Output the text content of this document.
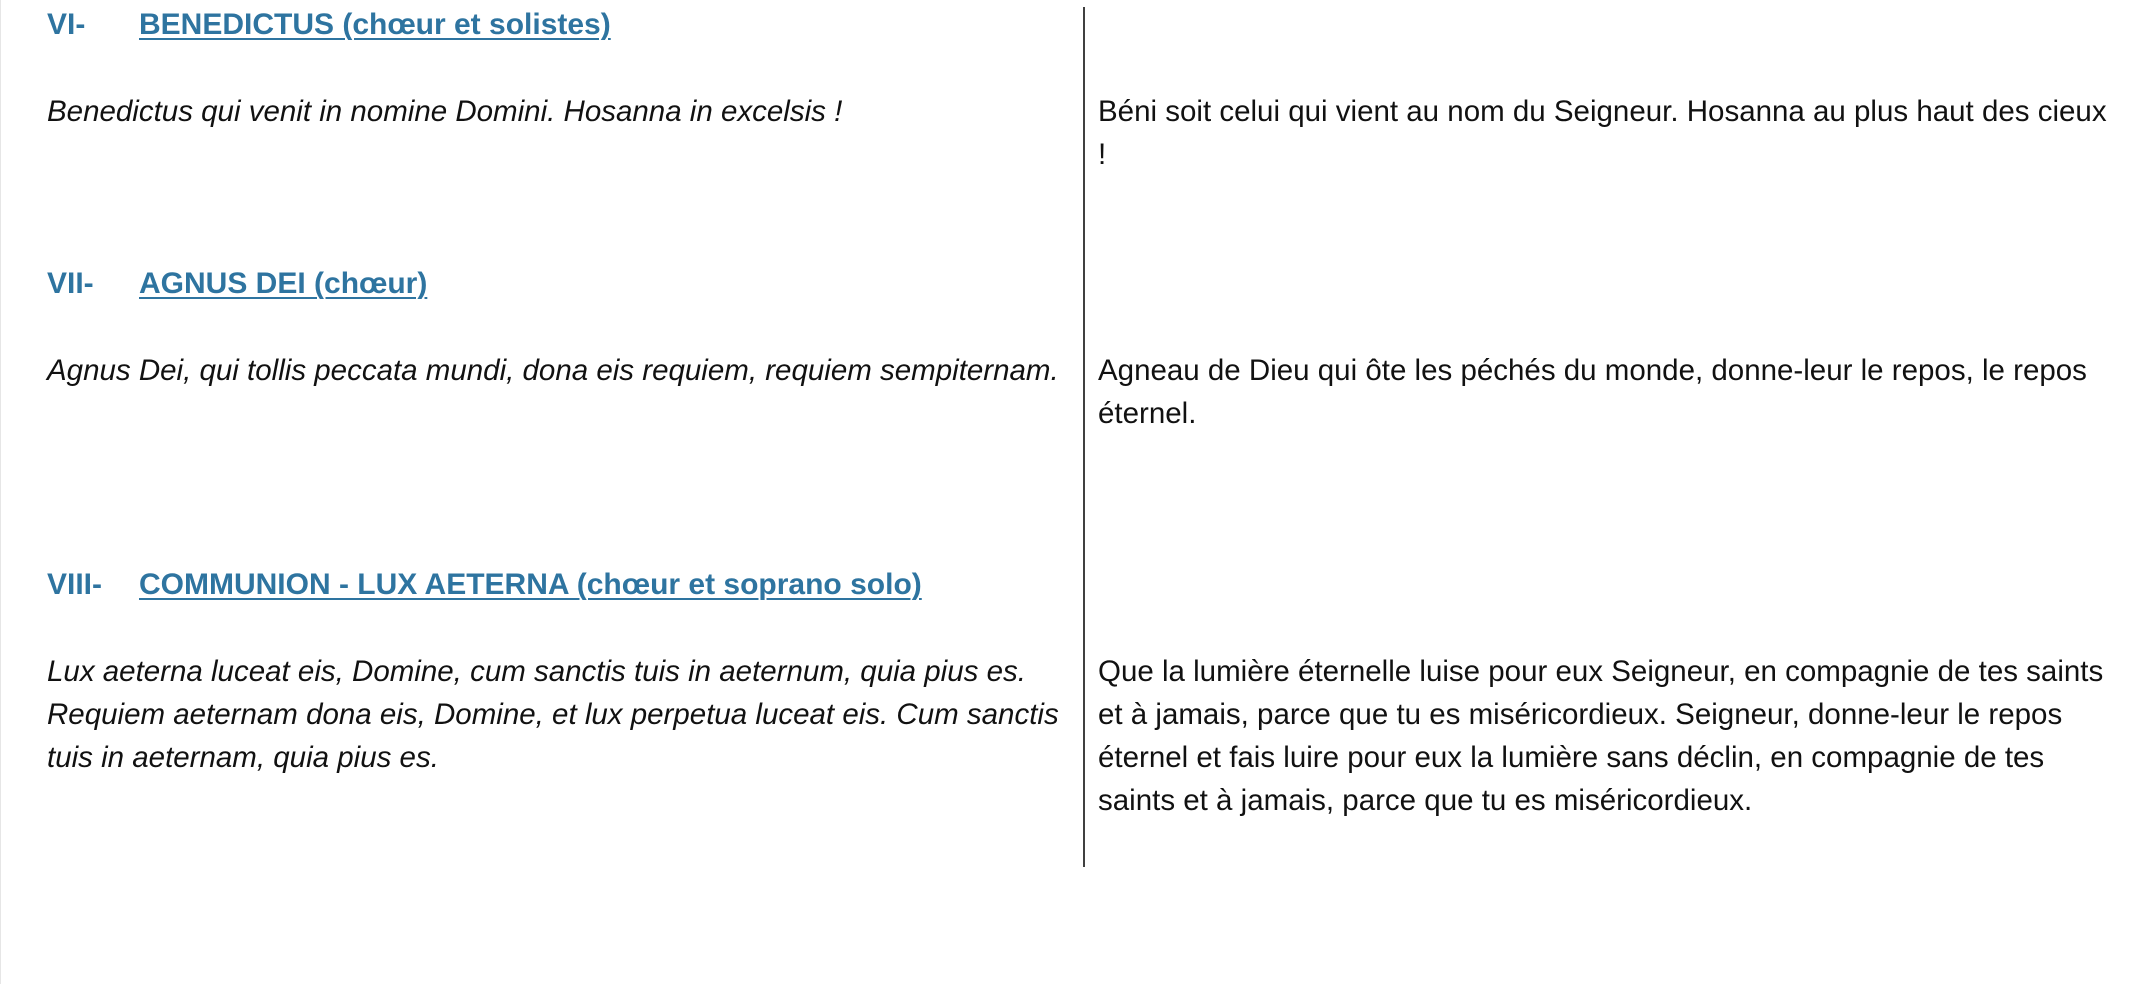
VI- BENEDICTUS (chœur et solistes)

Benedictus qui venit in nomine Domini. Hosanna in excelsis !	Béni soit celui qui vient au nom du Seigneur. Hosanna au plus haut des cieux !

VII- AGNUS DEI (chœur)

Agnus Dei, qui tollis peccata mundi, dona eis requiem, requiem sempiternam.	Agneau de Dieu qui ôte les péchés du monde, donne-leur le repos, le repos éternel.

VIII- COMMUNION - LUX AETERNA (chœur et soprano solo)

Lux aeterna luceat eis, Domine, cum sanctis tuis in aeternum, quia pius es. Requiem aeternam dona eis, Domine, et lux perpetua luceat eis. Cum sanctis tuis in aeternam, quia pius es.

Que la lumière éternelle luise pour eux Seigneur, en compagnie de tes saints et à jamais, parce que tu es miséricordieux. Seigneur, donne-leur le repos éternel et fais luire pour eux la lumière sans déclin, en compagnie de tes saints et à jamais, parce que tu es miséricordieux.
